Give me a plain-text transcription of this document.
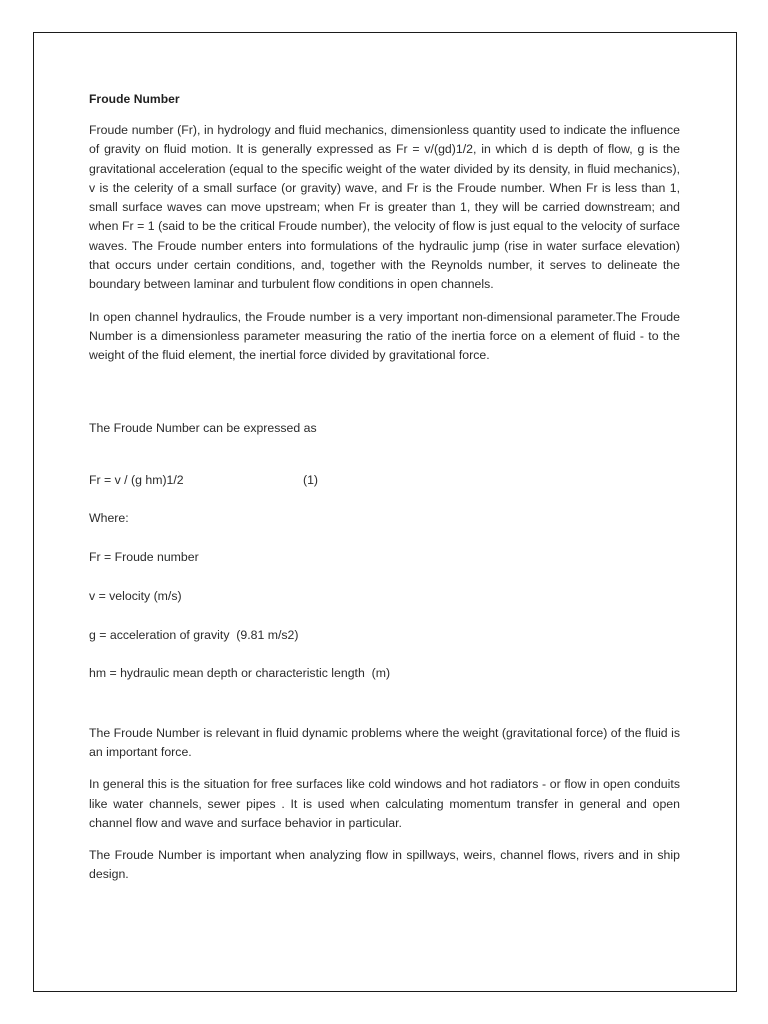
Froude Number

Froude number (Fr), in hydrology and fluid mechanics, dimensionless quantity used to indicate the influence of gravity on fluid motion. It is generally expressed as Fr = v/(gd)1/2, in which d is depth of flow, g is the gravitational acceleration (equal to the specific weight of the water divided by its density, in fluid mechanics), v is the celerity of a small surface (or gravity) wave, and Fr is the Froude number. When Fr is less than 1, small surface waves can move upstream; when Fr is greater than 1, they will be carried downstream; and when Fr = 1 (said to be the critical Froude number), the velocity of flow is just equal to the velocity of surface waves. The Froude number enters into formulations of the hydraulic jump (rise in water surface elevation) that occurs under certain conditions, and, together with the Reynolds number, it serves to delineate the boundary between laminar and turbulent flow conditions in open channels.

In open channel hydraulics, the Froude number is a very important non-dimensional parameter.The Froude Number is a dimensionless parameter measuring the ratio of the inertia force on a element of fluid - to the weight of the fluid element, the inertial force divided by gravitational force.

The Froude Number can be expressed as

Fr = v / (g hm)1/2	(1)

Where:

Fr = Froude number
v = velocity (m/s)
g = acceleration of gravity  (9.81 m/s2)
hm = hydraulic mean depth or characteristic length  (m)

The Froude Number is relevant in fluid dynamic problems where the weight (gravitational force) of the fluid is an important force.

In general this is the situation for free surfaces like cold windows and hot radiators - or flow in open conduits like water channels, sewer pipes . It is used when calculating momentum transfer in general and open channel flow and wave and surface behavior in particular.

The Froude Number is important when analyzing flow in spillways, weirs, channel flows, rivers and in ship design.
